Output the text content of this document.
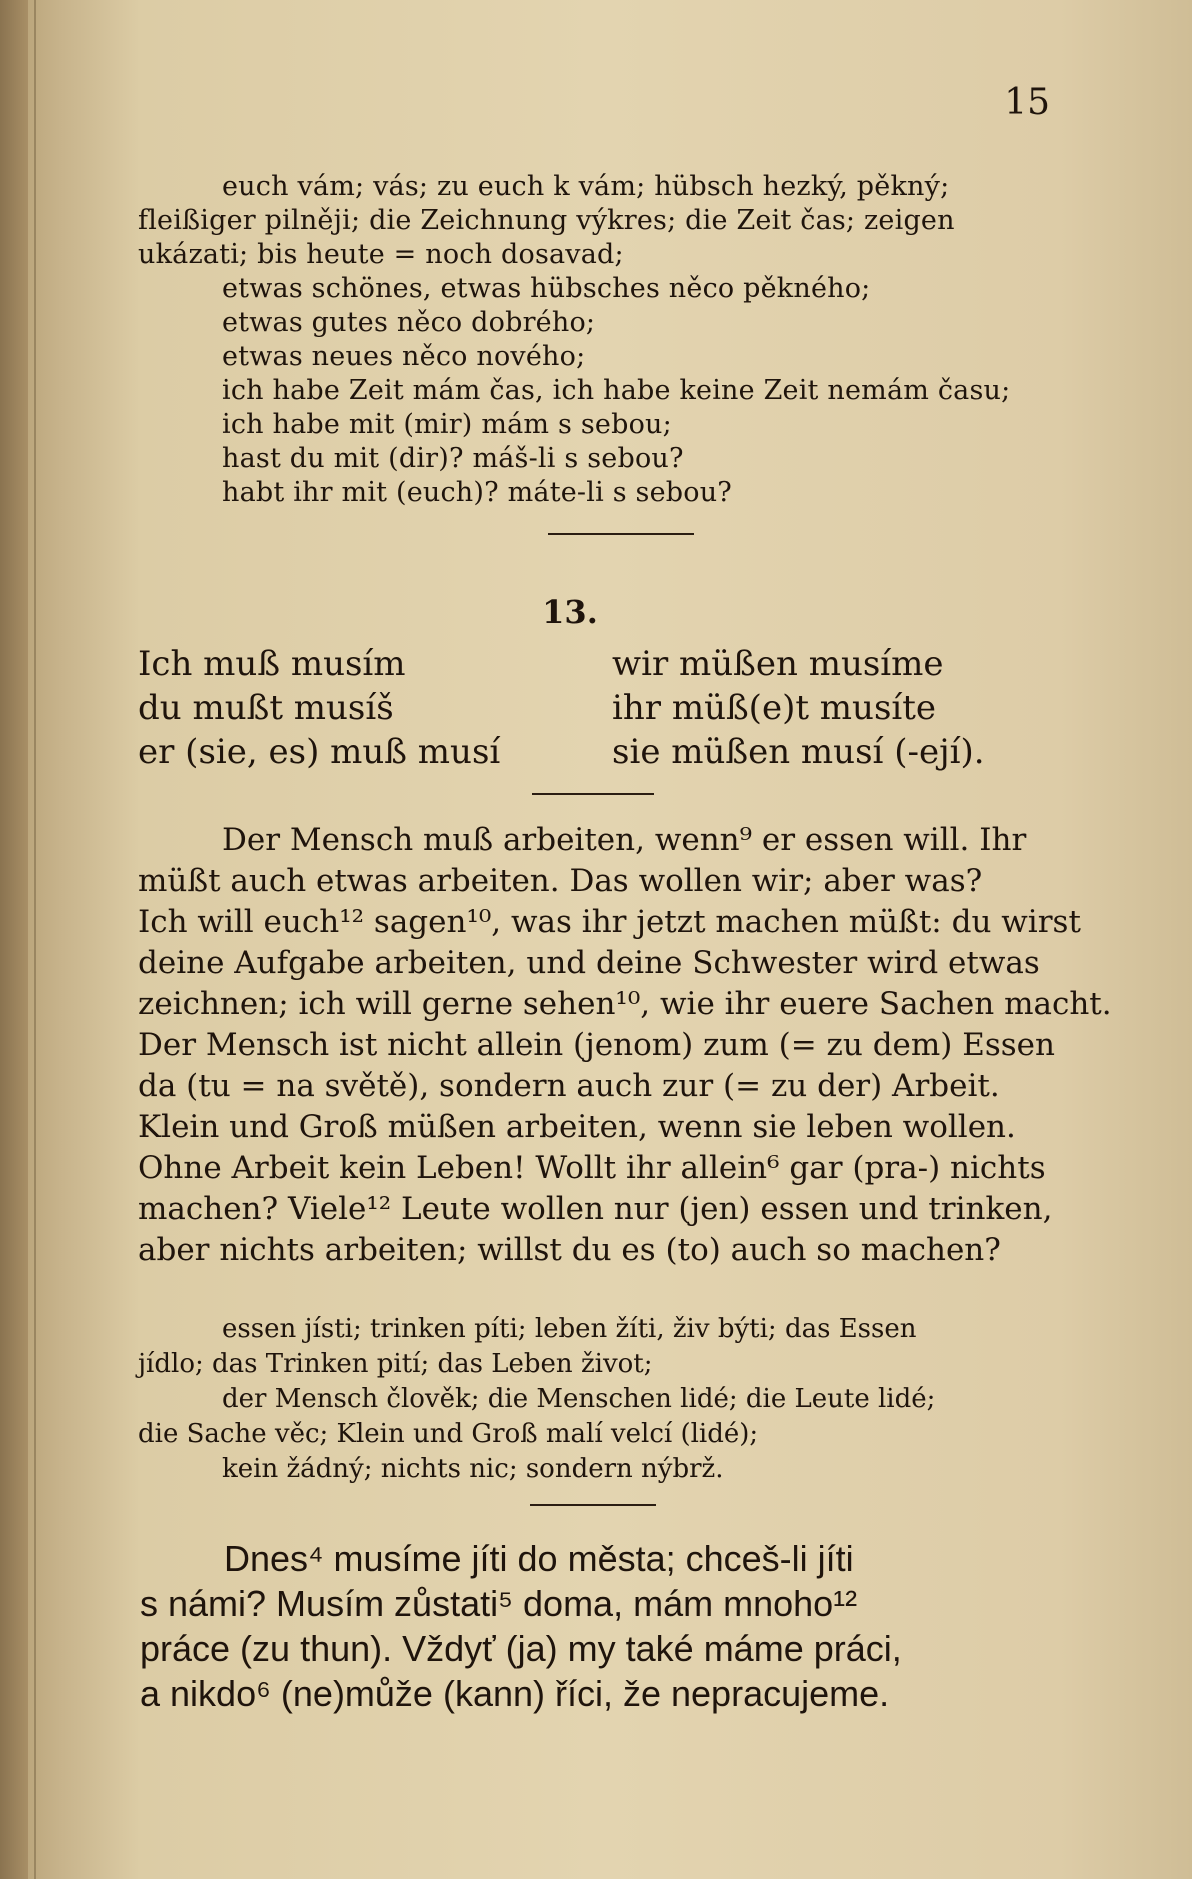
15
euch vám; vás; zu euch k vám; hübsch hezký, pěkný;
fleißiger pilněji; die Zeichnung výkres; die Zeit čas; zeigen
ukázati; bis heute = noch dosavad;
etwas schönes, etwas hübsches něco pěkného;
etwas gutes něco dobrého;
etwas neues něco nového;
ich habe Zeit mám čas, ich habe keine Zeit nemám času;
ich habe mit (mir) mám s sebou;
hast du mit (dir)? máš-li s sebou?
habt ihr mit (euch)? máte-li s sebou?
13.
Ich muß musím
du mußt musíš
er (sie, es) muß musí
wir müßen musíme
ihr müß(e)t musíte
sie müßen musí (-ejí).
Der Mensch muß arbeiten, wenn⁹ er essen will. Ihr
müßt auch etwas arbeiten. Das wollen wir; aber was?
Ich will euch¹² sagen¹⁰, was ihr jetzt machen müßt: du wirst
deine Aufgabe arbeiten, und deine Schwester wird etwas
zeichnen; ich will gerne sehen¹⁰, wie ihr euere Sachen macht.
Der Mensch ist nicht allein (jenom) zum (= zu dem) Essen
da (tu = na světě), sondern auch zur (= zu der) Arbeit.
Klein und Groß müßen arbeiten, wenn sie leben wollen.
Ohne Arbeit kein Leben! Wollt ihr allein⁶ gar (pra-) nichts
machen? Viele¹² Leute wollen nur (jen) essen und trinken,
aber nichts arbeiten; willst du es (to) auch so machen?
essen jísti; trinken píti; leben žíti, živ býti; das Essen
jídlo; das Trinken pití; das Leben život;
der Mensch člověk; die Menschen lidé; die Leute lidé;
die Sache věc; Klein und Groß malí velcí (lidé);
kein žádný; nichts nic; sondern nýbrž.
Dnes⁴ musíme jíti do města; chceš-li jíti
s námi? Musím zůstati⁵ doma, mám mnoho¹²
práce (zu thun). Vždyť (ja) my také máme práci,
a nikdo⁶ (ne)může (kann) říci, že nepracujeme.
